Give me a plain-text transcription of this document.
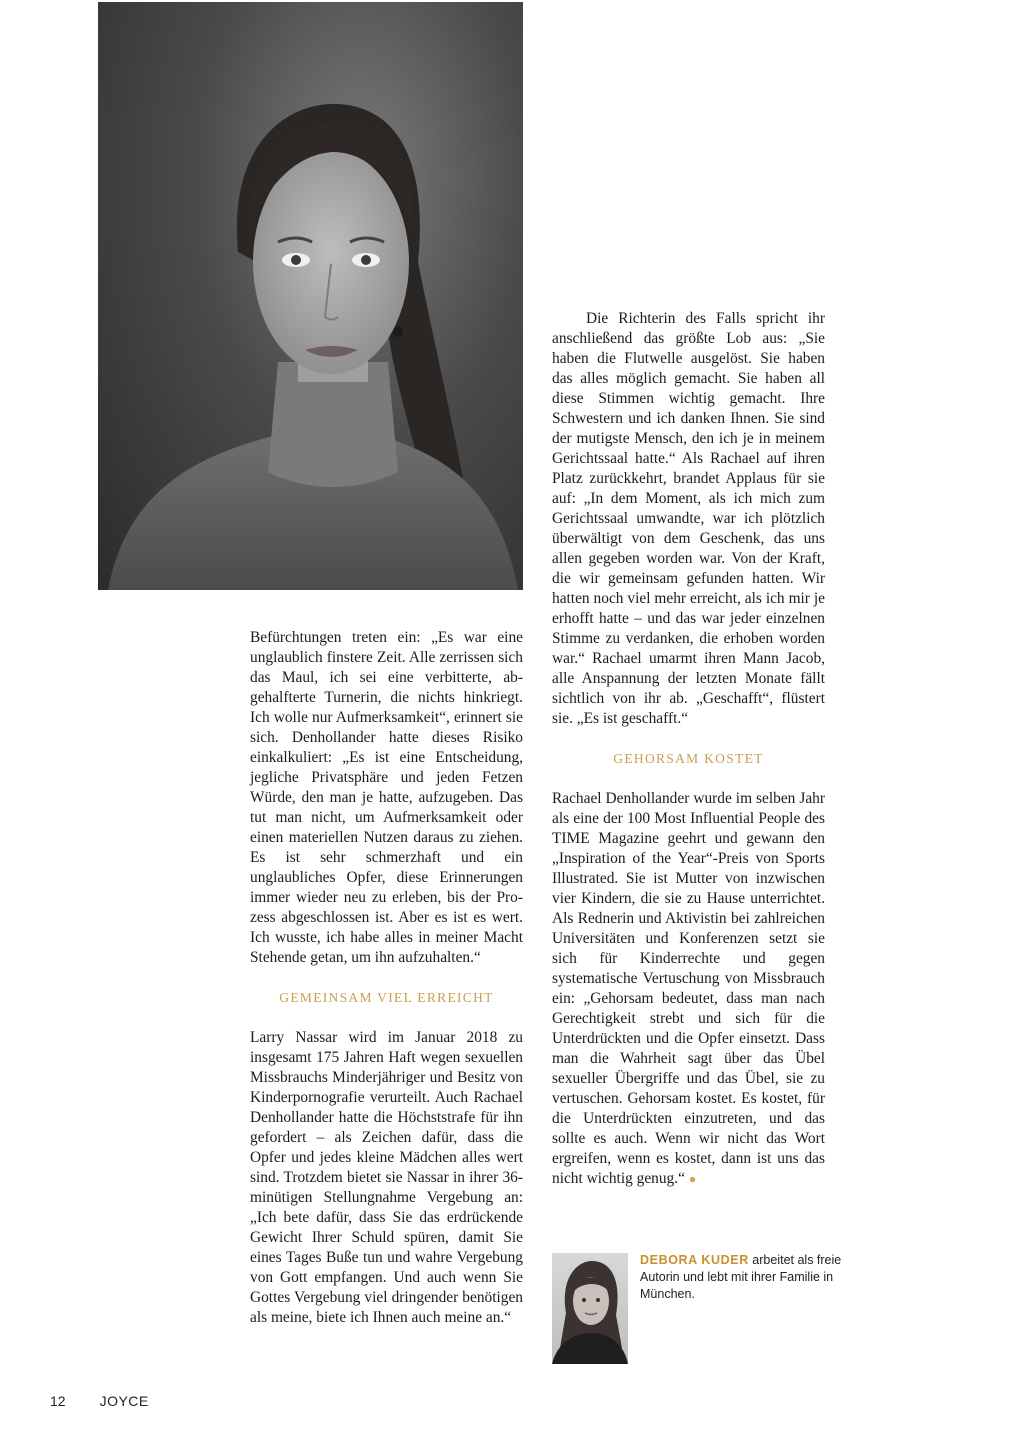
Befürchtungen treten ein: „Es war eine unglaublich finstere Zeit. Alle zerrissen sich das Maul, ich sei eine verbitterte, abgehalfterte Turnerin, die nichts hinkriegt. Ich wolle nur Aufmerksamkeit“, erinnert sie sich. Denhollander hatte dieses Risiko einkalkuliert: „Es ist eine Entscheidung, jegliche Privatsphäre und jeden Fetzen Würde, den man je hatte, aufzugeben. Das tut man nicht, um Aufmerksamkeit oder einen materiellen Nutzen daraus zu ziehen. Es ist sehr schmerzhaft und ein unglaubliches Opfer, diese Erinnerungen immer wieder neu zu erleben, bis der Prozess abgeschlossen ist. Aber es ist es wert. Ich wusste, ich habe alles in meiner Macht Stehende getan, um ihn aufzuhalten.“

GEMEINSAM VIEL ERREICHT

Larry Nassar wird im Januar 2018 zu insgesamt 175 Jahren Haft wegen sexuellen Missbrauchs Minderjähriger und Besitz von Kinderpornografie verurteilt. Auch Rachael Denhollander hatte die Höchststrafe für ihn gefordert – als Zeichen dafür, dass die Opfer und jedes kleine Mädchen alles wert sind. Trotzdem bietet sie Nassar in ihrer 36-minütigen Stellungnahme Vergebung an: „Ich bete dafür, dass Sie das erdrückende Gewicht Ihrer Schuld spüren, damit Sie eines Tages Buße tun und wahre Vergebung von Gott empfangen. Und auch wenn Sie Gottes Vergebung viel dringender benötigen als meine, biete ich Ihnen auch meine an.“

Die Richterin des Falls spricht ihr anschließend das größte Lob aus: „Sie haben die Flutwelle ausgelöst. Sie haben das alles möglich gemacht. Sie haben all diese Stimmen wichtig gemacht. Ihre Schwestern und ich danken Ihnen. Sie sind der mutigste Mensch, den ich je in meinem Gerichtssaal hatte.“ Als Rachael auf ihren Platz zurückkehrt, brandet Applaus für sie auf: „In dem Moment, als ich mich zum Gerichtssaal umwandte, war ich plötzlich überwältigt von dem Geschenk, das uns allen gegeben worden war. Von der Kraft, die wir gemeinsam gefunden hatten. Wir hatten noch viel mehr erreicht, als ich mir je erhofft hatte – und das war jeder einzelnen Stimme zu verdanken, die erhoben worden war.“ Rachael umarmt ihren Mann Jacob, alle Anspannung der letzten Monate fällt sichtlich von ihr ab. „Geschafft“, flüstert sie. „Es ist geschafft.“

GEHORSAM KOSTET

Rachael Denhollander wurde im selben Jahr als eine der 100 Most Influential People des TIME Magazine geehrt und gewann den „Inspiration of the Year“-Preis von Sports Illustrated. Sie ist Mutter von inzwischen vier Kindern, die sie zu Hause unterrichtet. Als Rednerin und Aktivistin bei zahlreichen Universitäten und Konferenzen setzt sie sich für Kinderrechte und gegen systematische Vertuschung von Missbrauch ein: „Gehorsam bedeutet, dass man nach Gerechtigkeit strebt und sich für die Unterdrückten und die Opfer einsetzt. Dass man die Wahrheit sagt über das Übel sexueller Übergriffe und das Übel, sie zu vertuschen. Gehorsam kostet. Es kostet, für die Unterdrückten einzutreten, und das sollte es auch. Wenn wir nicht das Wort ergreifen, wenn es kostet, dann ist uns das nicht wichtig genug.“ ●

DEBORA KUDER arbeitet als freie Autorin und lebt mit ihrer Familie in München.
12 JOYCE
